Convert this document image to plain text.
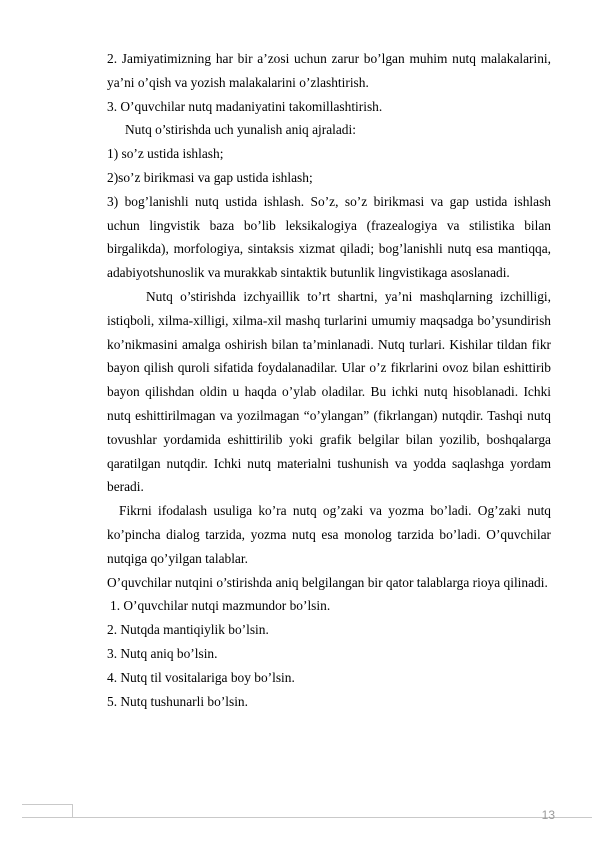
2. Jamiyatimizning har bir a’zosi uchun zarur bo’lgan muhim nutq malakalarini, ya’ni o’qish va yozish malakalarini o’zlashtirish.

3. O’quvchilar nutq madaniyatini takomillashtirish.

Nutq o’stirishda uch yunalish aniq ajraladi:

1) so’z ustida ishlash;

2)so’z birikmasi va gap ustida ishlash;

3) bog’lanishli nutq ustida ishlash. So’z, so’z birikmasi va gap ustida ishlash uchun lingvistik baza bo’lib leksikalogiya (frazealogiya va stilistika bilan birgalikda), morfologiya, sintaksis xizmat qiladi; bog’lanishli nutq esa mantiqqa, adabiyotshunoslik va murakkab sintaktik butunlik lingvistikaga asoslanadi.

Nutq o’stirishda izchyaillik to’rt shartni, ya’ni mashqlarning izchilligi, istiqboli, xilma-xilligi, xilma-xil mashq turlarini umumiy maqsadga bo’ysundirish ko’nikmasini amalga oshirish bilan ta’minlanadi. Nutq turlari. Kishilar tildan fikr bayon qilish quroli sifatida foydalanadilar. Ular o’z fikrlarini ovoz bilan eshittirib bayon qilishdan oldin u haqda o’ylab oladilar. Bu ichki nutq hisoblanadi. Ichki nutq eshittirilmagan va yozilmagan “o’ylangan” (fikrlangan) nutqdir. Tashqi nutq tovushlar yordamida eshittirilib yoki grafik belgilar bilan yozilib, boshqalarga qaratilgan nutqdir. Ichki nutq materialni tushunish va yodda saqlashga yordam beradi.

Fikrni ifodalash usuliga ko’ra nutq og’zaki va yozma bo’ladi. Og’zaki nutq ko’pincha dialog tarzida, yozma nutq esa monolog tarzida bo’ladi. O’quvchilar nutqiga qo’yilgan talablar.

O’quvchilar nutqini o’stirishda aniq belgilangan bir qator talablarga rioya qilinadi.

1. O’quvchilar nutqi mazmundor bo’lsin.

2. Nutqda mantiqiylik bo’lsin.

3. Nutq aniq bo’lsin.

4. Nutq til vositalariga boy bo’lsin.

5. Nutq tushunarli bo’lsin.

13
